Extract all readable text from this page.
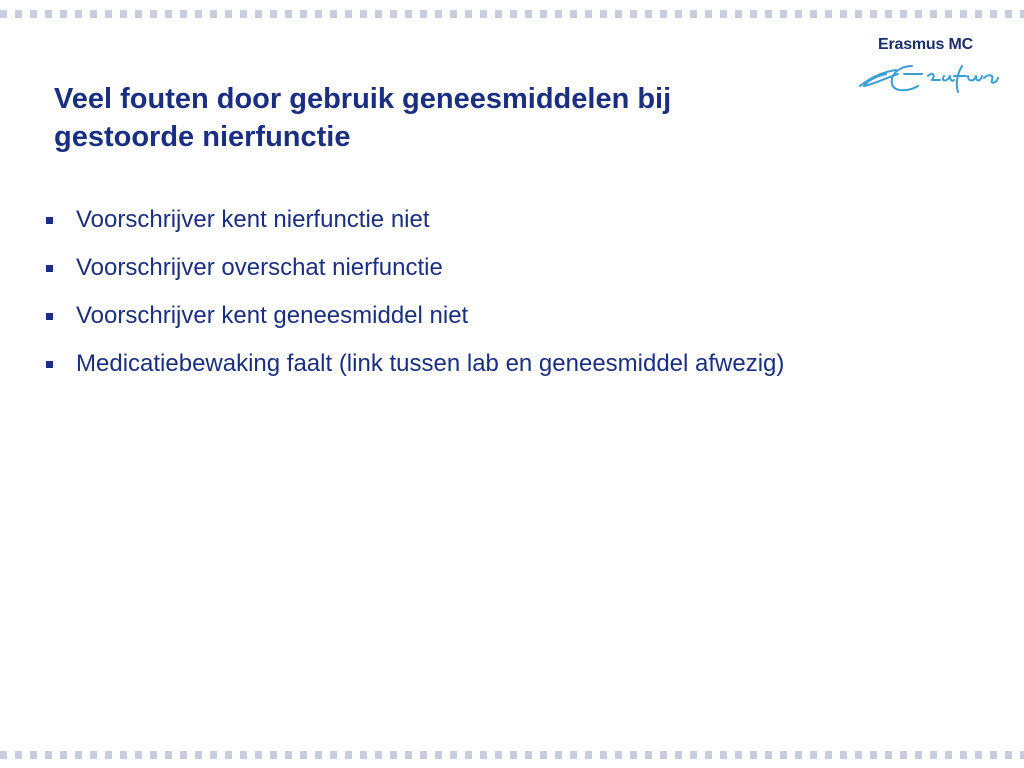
Erasmus MC
Veel fouten door gebruik geneesmiddelen bij
gestoorde nierfunctie
Voorschrijver kent nierfunctie niet
Voorschrijver overschat nierfunctie
Voorschrijver kent geneesmiddel niet
Medicatiebewaking faalt (link tussen lab en geneesmiddel afwezig)
